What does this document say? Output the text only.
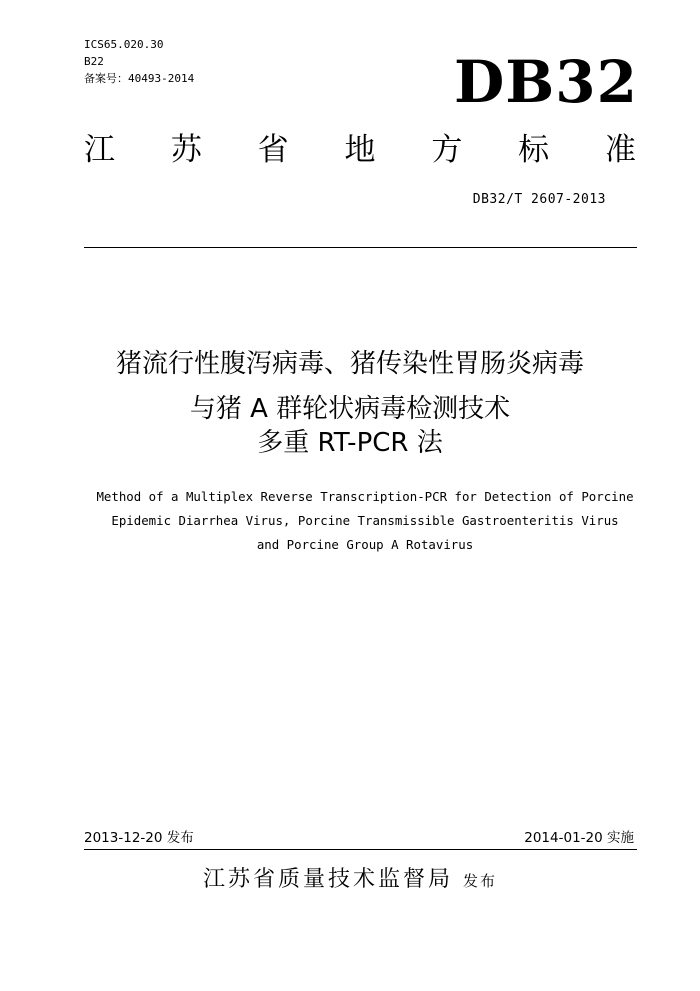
ICS65.020.30
B22
备案号：40493-2014	DB32
江 苏 省 地 方 标 准
DB32/T 2607-2013
猪流行性腹泻病毒、猪传染性胃肠炎病毒
与猪 A 群轮状病毒检测技术
多重 RT-PCR 法
Method of a Multiplex Reverse Transcription-PCR for Detection of Porcine
Epidemic Diarrhea Virus, Porcine Transmissible Gastroenteritis Virus
and Porcine Group A Rotavirus
2013-12-20 发布	2014-01-20 实施
江苏省质量技术监督局 发布
